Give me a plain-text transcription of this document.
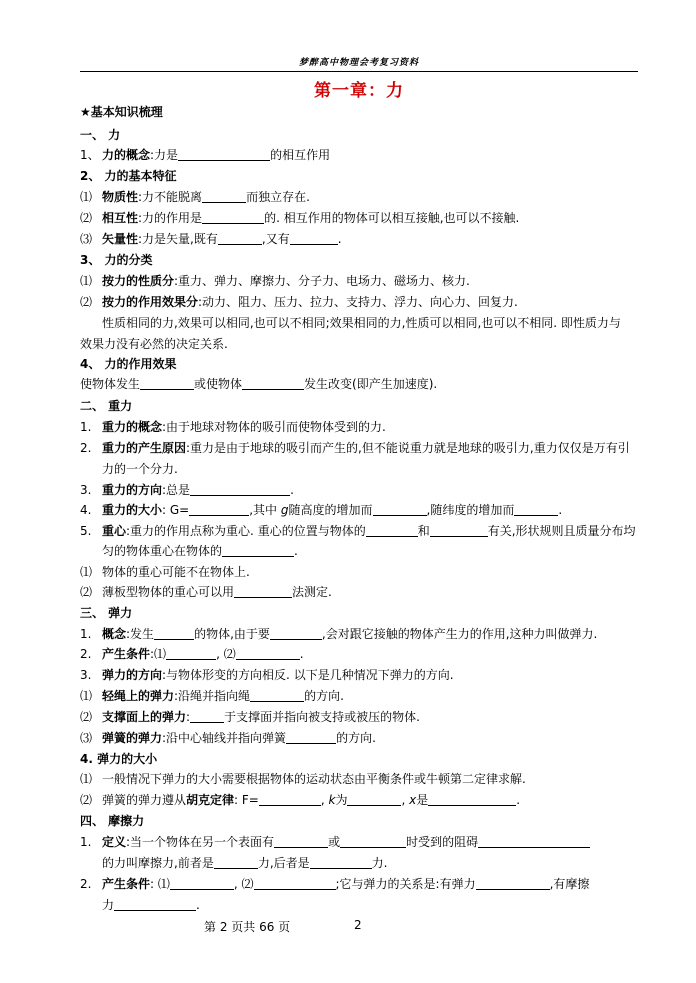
梦醉高中物理会考复习资料
第一章：力
★基本知识梳理
一、 力
1、 力的概念:力是	的相互作用
2、 力的基本特征
⑴ 物质性:力不能脱离	而独立存在.
⑵ 相互性:力的作用是	的. 相互作用的物体可以相互接触,也可以不接触.
⑶ 矢量性:力是矢量,既有	,又有	.
3、 力的分类
⑴ 按力的性质分:重力、弹力、摩擦力、分子力、电场力、磁场力、核力.
⑵ 按力的作用效果分:动力、阻力、压力、拉力、支持力、浮力、向心力、回复力.
性质相同的力,效果可以相同,也可以不相同;效果相同的力,性质可以相同,也可以不相同. 即性质力与
效果力没有必然的决定关系.
4、 力的作用效果
使物体发生	或使物体	发生改变(即产生加速度).
二、 重力
1. 重力的概念:由于地球对物体的吸引而使物体受到的力.
2. 重力的产生原因:重力是由于地球的吸引而产生的,但不能说重力就是地球的吸引力,重力仅仅是万有引
力的一个分力.
3. 重力的方向:总是	.
4. 重力的大小: G=	,其中 g随高度的增加而	,随纬度的增加而	.
5. 重心:重力的作用点称为重心. 重心的位置与物体的	和	有关,形状规则且质量分布均
匀的物体重心在物体的	.
⑴ 物体的重心可能不在物体上.
⑵ 薄板型物体的重心可以用	法测定.
三、 弹力
1. 概念:发生	的物体,由于要	,会对跟它接触的物体产生力的作用,这种力叫做弹力.
2. 产生条件:⑴	, ⑵	.
3. 弹力的方向:与物体形变的方向相反. 以下是几种情况下弹力的方向.
⑴ 轻绳上的弹力:沿绳并指向绳	的方向.
⑵ 支撑面上的弹力:	于支撑面并指向被支持或被压的物体.
⑶ 弹簧的弹力:沿中心轴线并指向弹簧	的方向.
4. 弹力的大小
⑴ 一般情况下弹力的大小需要根据物体的运动状态由平衡条件或牛顿第二定律求解.
⑵ 弹簧的弹力遵从胡克定律: F=	, k为	, x是	.
四、 摩擦力
1. 定义:当一个物体在另一个表面有	或	时受到的阻碍
的力叫摩擦力,前者是	力,后者是	力.
2. 产生条件: ⑴	, ⑵	;它与弹力的关系是:有弹力	,有摩擦
力	.
第 2 页共 66 页	2
